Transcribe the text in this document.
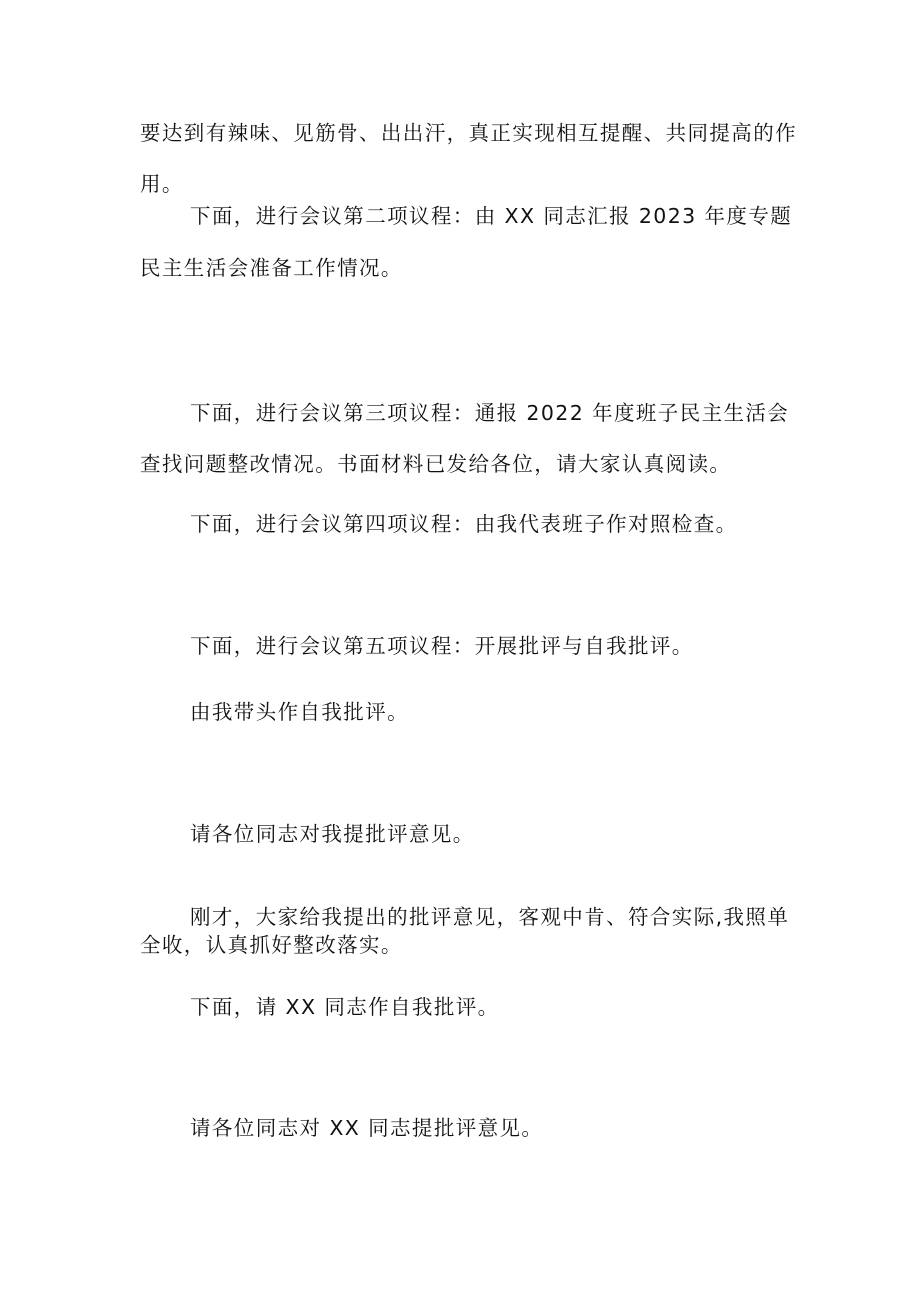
要达到有辣味、见筋骨、出出汗，真正实现相互提醒、共同提高的作
用。
下面，进行会议第二项议程：由 XX 同志汇报 2023 年度专题
民主生活会准备工作情况。
下面，进行会议第三项议程：通报 2022 年度班子民主生活会
查找问题整改情况。书面材料已发给各位，请大家认真阅读。
下面，进行会议第四项议程：由我代表班子作对照检查。
下面，进行会议第五项议程：开展批评与自我批评。
由我带头作自我批评。
请各位同志对我提批评意见。
刚才，大家给我提出的批评意见，客观中肯、符合实际,我照单
全收，认真抓好整改落实。
下面，请 XX 同志作自我批评。
请各位同志对 XX 同志提批评意见。
